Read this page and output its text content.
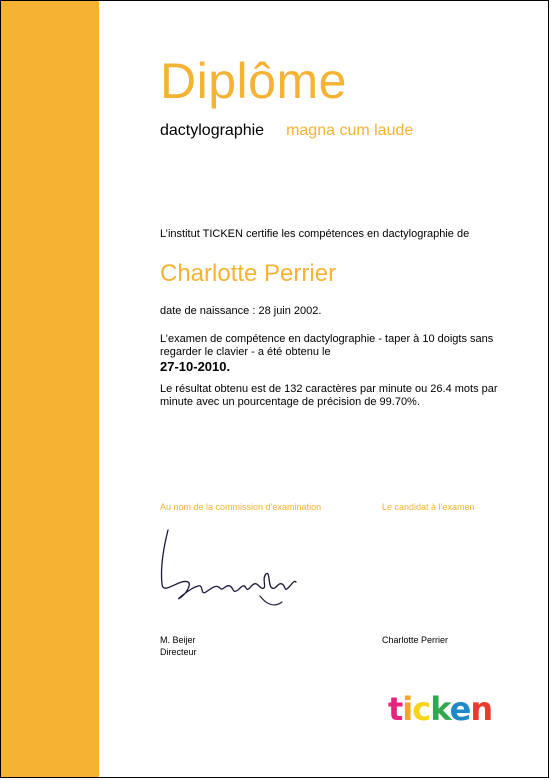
Diplôme
dactylographie magna cum laude
L’institut TICKEN certifie les compétences en dactylographie de
Charlotte Perrier
date de naissance : 28 juin 2002.
L’examen de compétence en dactylographie - taper à 10 doigts sans regarder le clavier - a été obtenu le
27-10-2010.
Le résultat obtenu est de 132 caractères par minute ou 26.4 mots par minute avec un pourcentage de précision de 99.70%.
Au nom de la commission d’examination	Le candidat à l’examen
M. Beijer
Directeur
Charlotte Perrier
ticken
